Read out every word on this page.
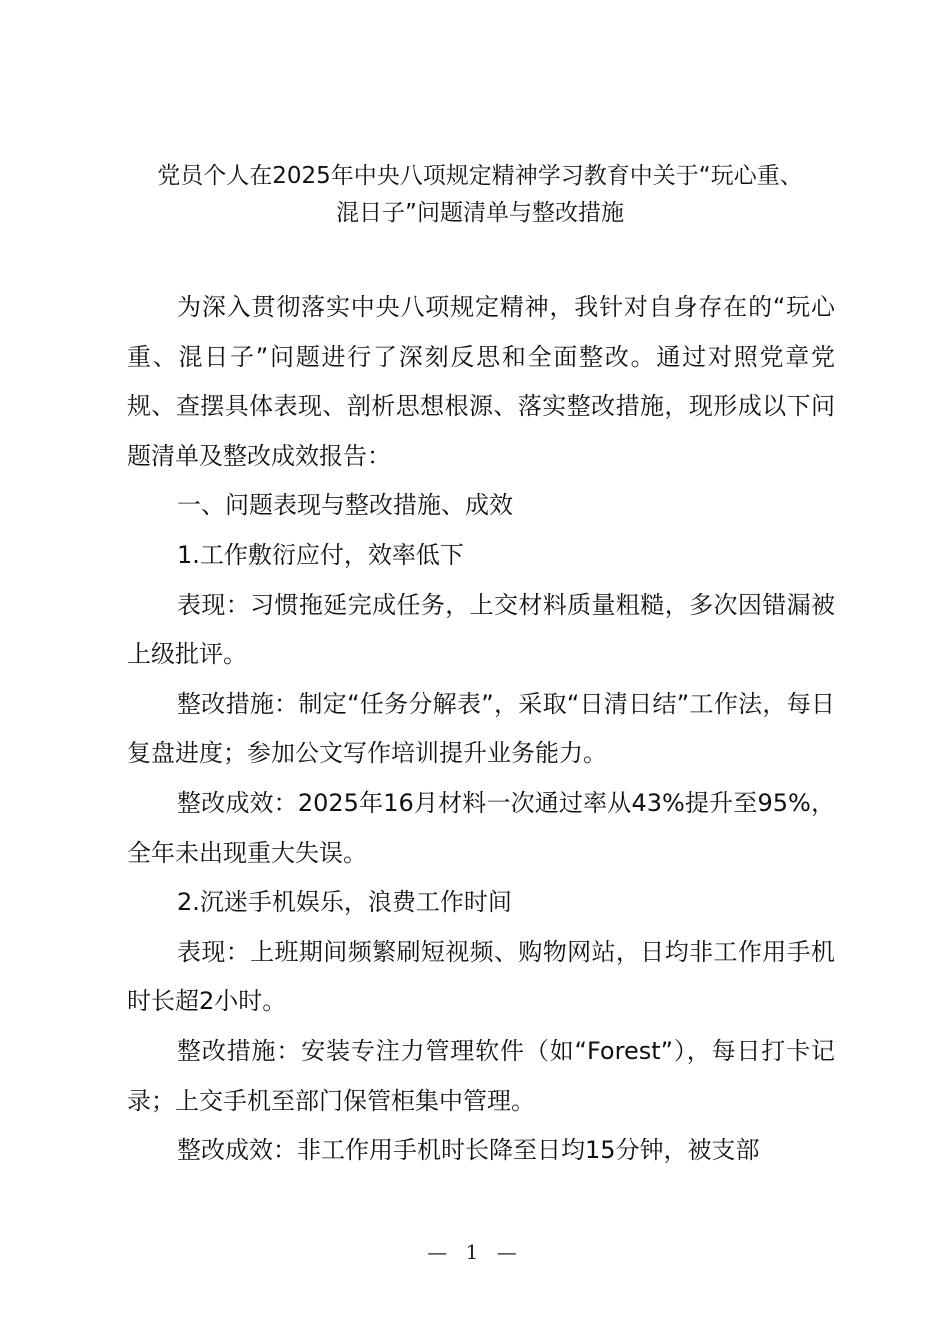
党员个人在2025年中央八项规定精神学习教育中关于“玩心重、
混日子”问题清单与整改措施

为深入贯彻落实中央八项规定精神，我针对自身存在的“玩心重、混日子”问题进行了深刻反思和全面整改。通过对照党章党规、查摆具体表现、剖析思想根源、落实整改措施，现形成以下问题清单及整改成效报告：

一、问题表现与整改措施、成效

1.工作敷衍应付，效率低下

表现：习惯拖延完成任务，上交材料质量粗糙，多次因错漏被上级批评。

整改措施：制定“任务分解表”，采取“日清日结”工作法，每日复盘进度；参加公文写作培训提升业务能力。

整改成效：2025年16月材料一次通过率从43%提升至95%，全年未出现重大失误。

2.沉迷手机娱乐，浪费工作时间

表现：上班期间频繁刷短视频、购物网站，日均非工作用手机时长超2小时。

整改措施：安装专注力管理软件（如“Forest”），每日打卡记录；上交手机至部门保管柜集中管理。

整改成效：非工作用手机时长降至日均15分钟，被支部

— 1 —
